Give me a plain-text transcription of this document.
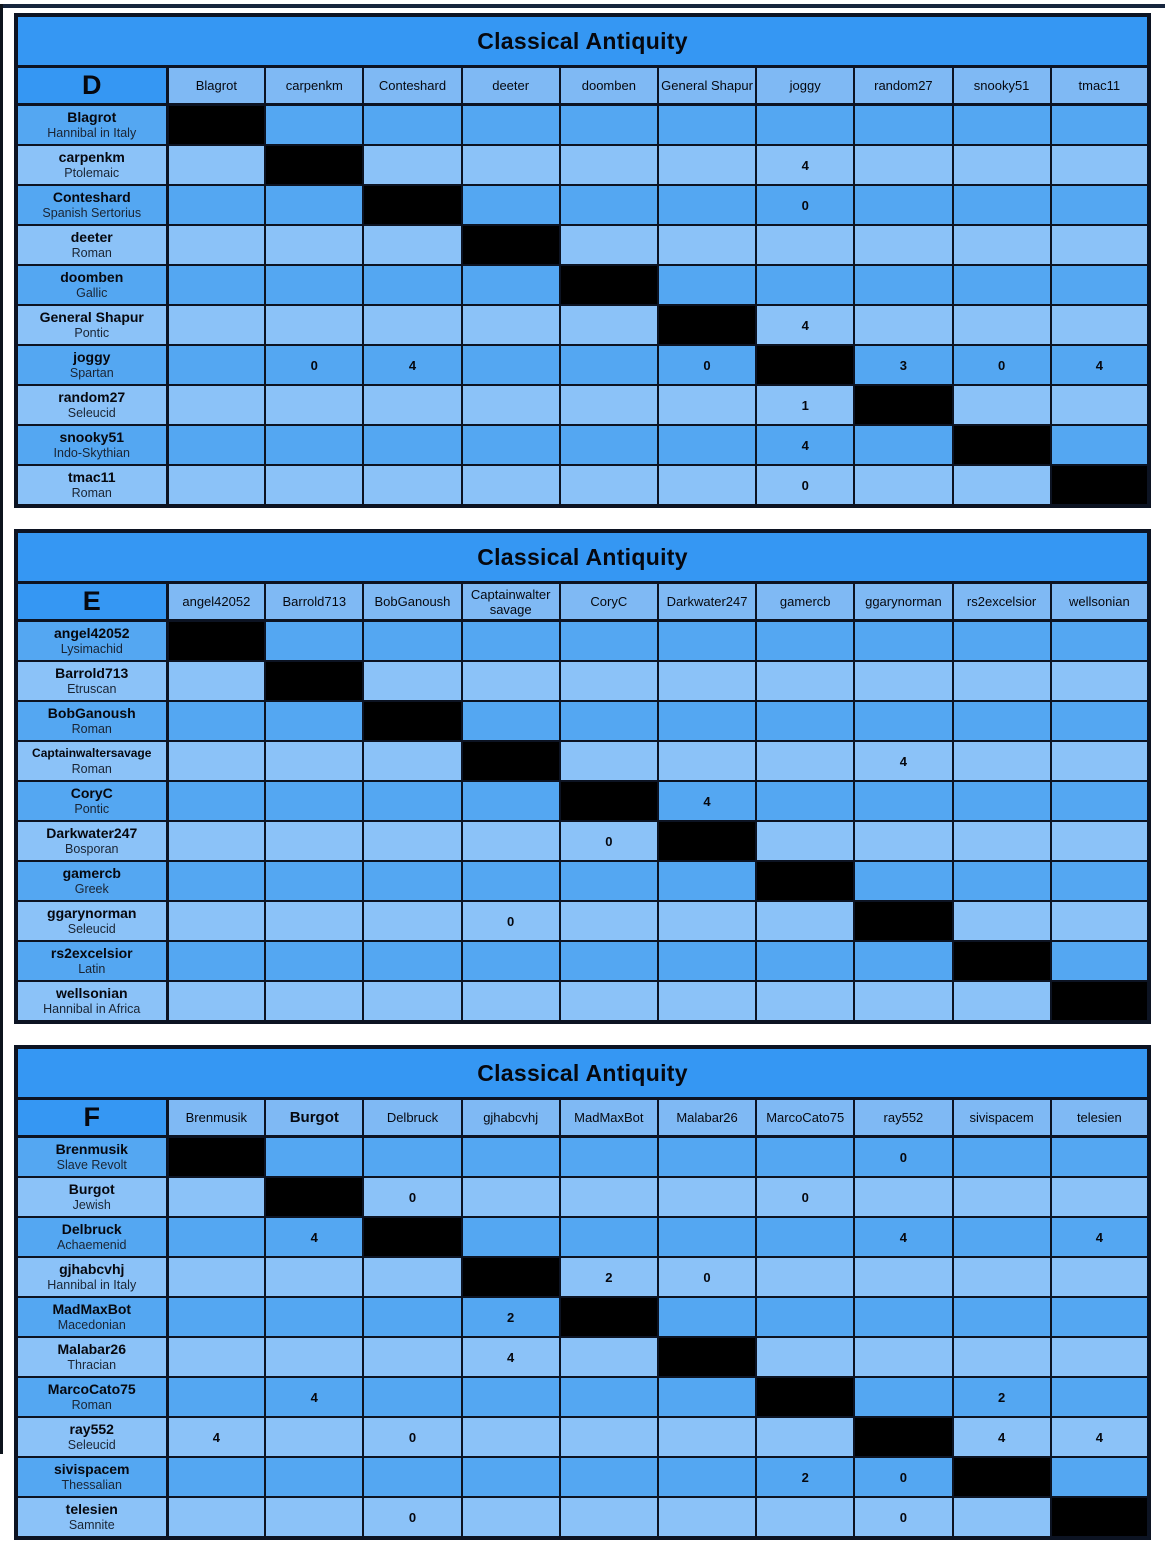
Classical Antiquity										
D	Blagrot	carpenkm	Conteshard	deeter	doomben	General Shapur	joggy	random27	snooky51	tmac11

Blagrot
Hannibal in Italy										

carpenkm
Ptolemaic							4			

Conteshard
Spanish Sertorius							0			

deeter
Roman										

doomben
Gallic										

General Shapur
Pontic							4			

joggy
Spartan		0	4			0		3	0	4

random27
Seleucid							1			

snooky51
Indo-Skythian							4			

tmac11
Roman							0			
Classical Antiquity										
E	angel42052	Barrold713	BobGanoush	Captainwalter savage	CoryC	Darkwater247	gamercb	ggarynorman	rs2excelsior	wellsonian

angel42052
Lysimachid										

Barrold713
Etruscan										

BobGanoush
Roman										

Captainwaltersavage
Roman								4		

CoryC
Pontic						4				

Darkwater247
Bosporan					0					

gamercb
Greek										

ggarynorman
Seleucid				0						

rs2excelsior
Latin										

wellsonian
Hannibal in Africa										

Classical Antiquity										
F	Brenmusik	Burgot	Delbruck	gjhabcvhj	MadMaxBot	Malabar26	MarcoCato75	ray552	sivispacem	telesien

Brenmusik
Slave Revolt								0		

Burgot
Jewish			0				0			

Delbruck
Achaemenid		4						4		4

gjhabcvhj
Hannibal in Italy					2	0				

MadMaxBot
Macedonian				2						

Malabar26
Thracian				4						

MarcoCato75
Roman		4							2	

ray552
Seleucid	4		0						4	4

sivispacem
Thessalian							2	0		

telesien
Samnite			0					0		
